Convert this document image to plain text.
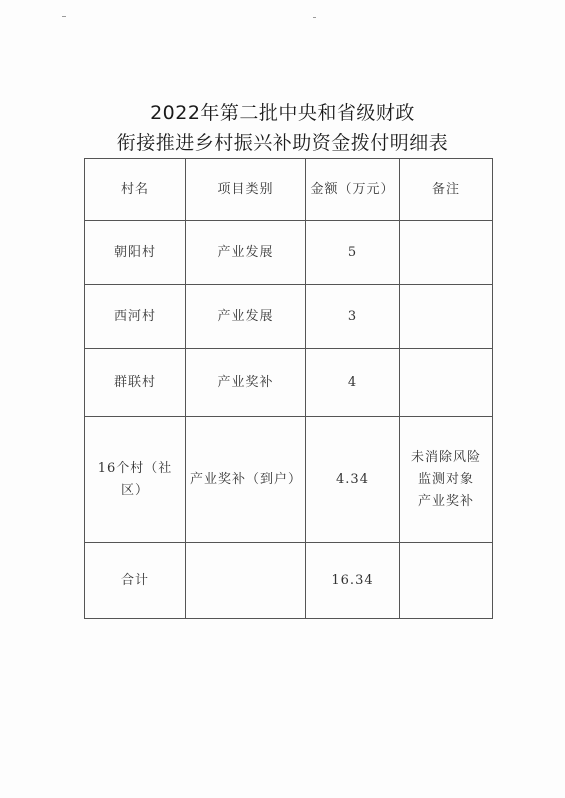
2022年第二批中央和省级财政
衔接推进乡村振兴补助资金拨付明细表
村名	项目类别	金额（万元）	备注
朝阳村	产业发展	5	
西河村	产业发展	3	
群联村	产业奖补	4	
16个村（社区）	产业奖补（到户）	4.34	未消除风险
监测对象
产业奖补

合计		16.34	
